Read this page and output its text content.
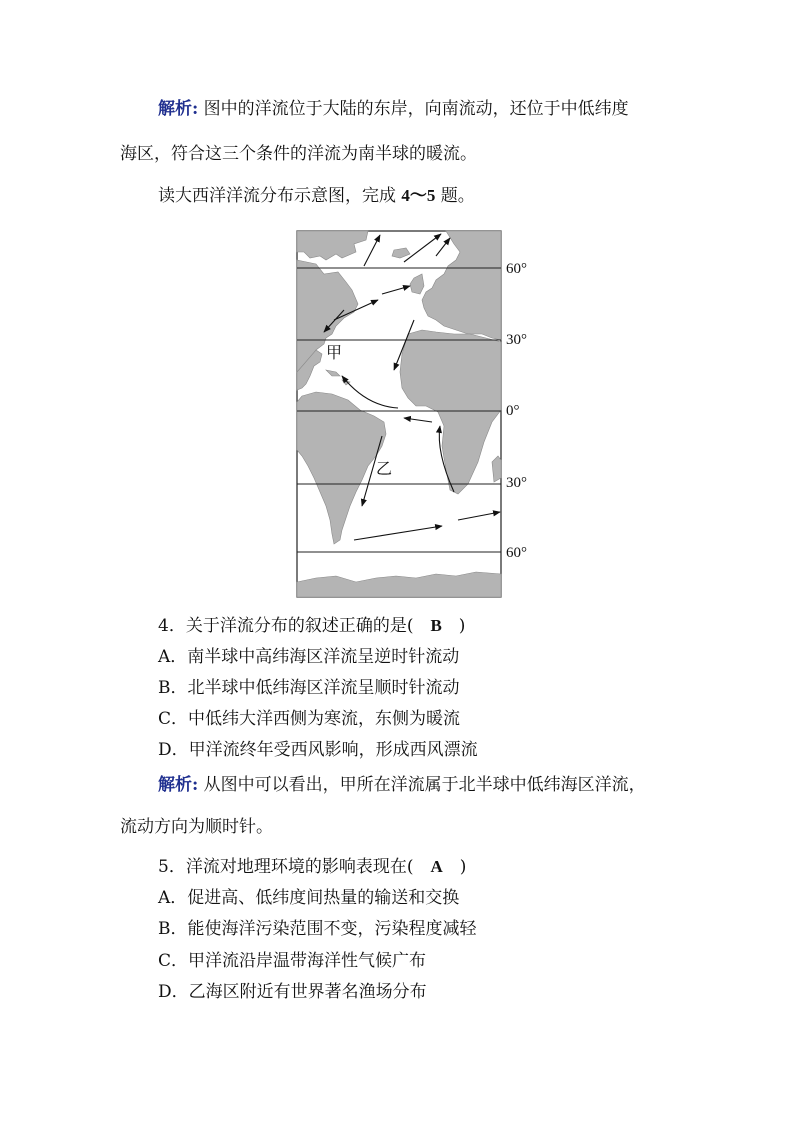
解析: 图中的洋流位于大陆的东岸，向南流动，还位于中低纬度
海区，符合这三个条件的洋流为南半球的暖流。
读大西洋洋流分布示意图，完成 4～5 题。
60°
30°
0°
30°
60°
甲
乙
4．关于洋流分布的叙述正确的是(　B　)
A．南半球中高纬海区洋流呈逆时针流动
B．北半球中低纬海区洋流呈顺时针流动
C．中低纬大洋西侧为寒流，东侧为暖流
D．甲洋流终年受西风影响，形成西风漂流
解析: 从图中可以看出，甲所在洋流属于北半球中低纬海区洋流，
流动方向为顺时针。
5．洋流对地理环境的影响表现在(　A　)
A．促进高、低纬度间热量的输送和交换
B．能使海洋污染范围不变，污染程度减轻
C．甲洋流沿岸温带海洋性气候广布
D．乙海区附近有世界著名渔场分布
